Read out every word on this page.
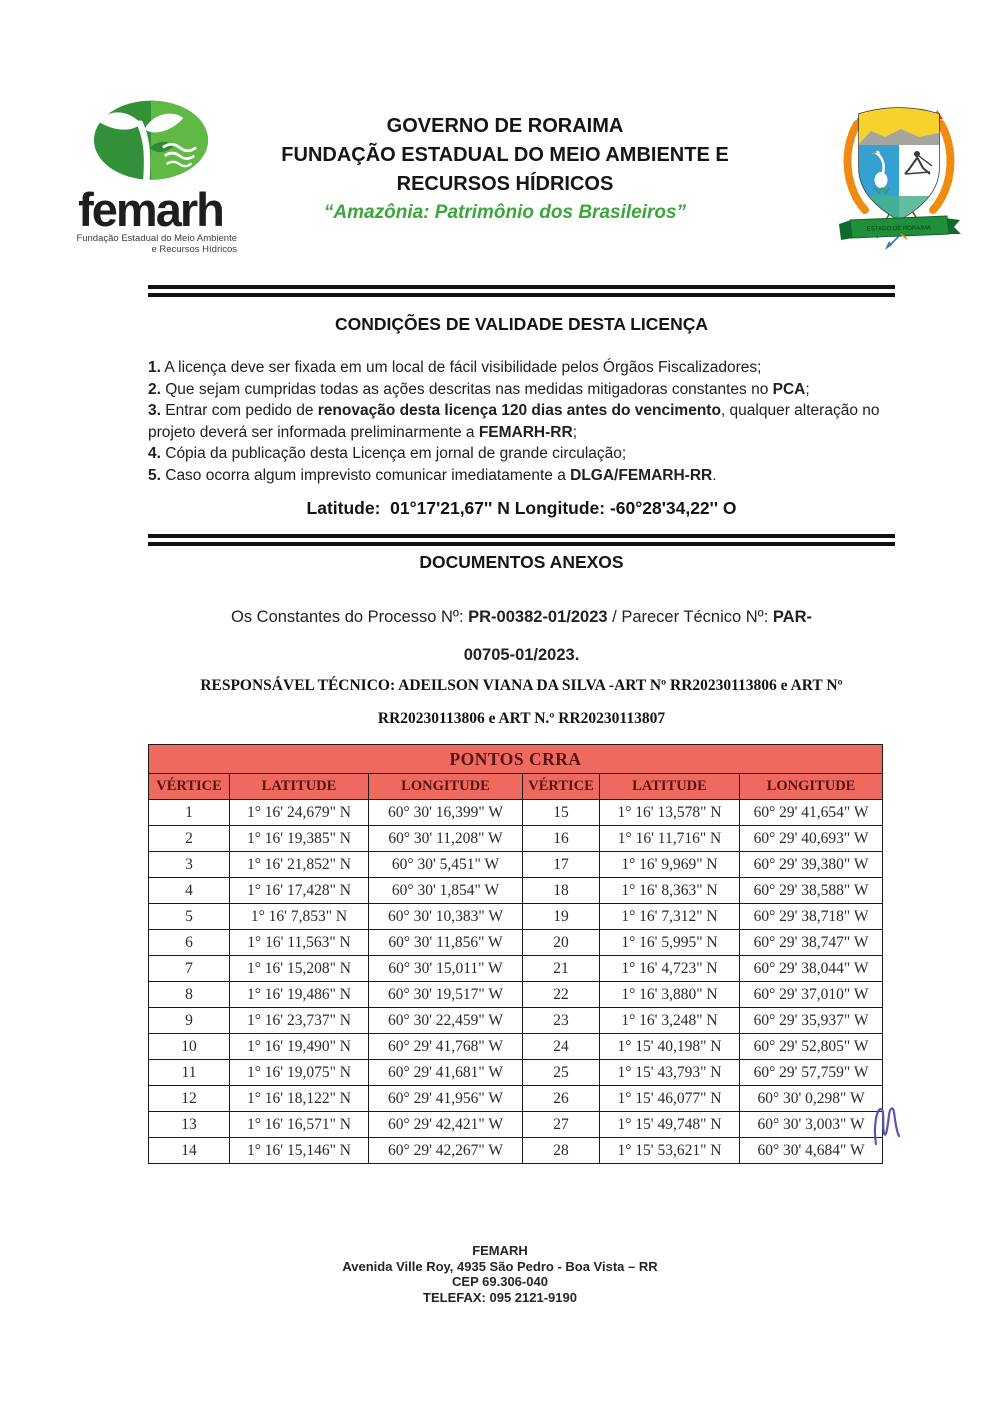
femarh
Fundação Estadual do Meio Ambiente
e Recursos Hídricos
GOVERNO DE RORAIMA
FUNDAÇÃO ESTADUAL DO MEIO AMBIENTE E
RECURSOS HÍDRICOS
“Amazônia: Patrimônio dos Brasileiros”
ESTADO DE RORAIMA
CONDIÇÕES DE VALIDADE DESTA LICENÇA

1. A licença deve ser fixada em um local de fácil visibilidade pelos Órgãos Fiscalizadores;

2. Que sejam cumpridas todas as ações descritas nas medidas mitigadoras constantes no PCA;

3. Entrar com pedido de renovação desta licença 120 dias antes do vencimento, qualquer alteração no projeto deverá ser informada preliminarmente a FEMARH-RR;

4. Cópia da publicação desta Licença em jornal de grande circulação;

5. Caso ocorra algum imprevisto comunicar imediatamente a DLGA/FEMARH-RR.

Latitude:  01°17'21,67'' N Longitude: -60°28'34,22'' O
DOCUMENTOS ANEXOS

Os Constantes do Processo Nº: PR-00382-01/2023 / Parecer Técnico Nº: PAR-

00705-01/2023.

RESPONSÁVEL TÉCNICO: ADEILSON VIANA DA SILVA -ART Nº RR20230113806 e ART Nº

RR20230113806 e ART N.º RR20230113807

PONTOS CRRA					
VÉRTICE	LATITUDE	LONGITUDE	VÉRTICE	LATITUDE	LONGITUDE
1	1° 16' 24,679" N	60° 30' 16,399" W	15	1° 16' 13,578" N	60° 29' 41,654" W
2	1° 16' 19,385" N	60° 30' 11,208" W	16	1° 16' 11,716" N	60° 29' 40,693" W
3	1° 16' 21,852" N	60° 30' 5,451" W	17	1° 16' 9,969" N	60° 29' 39,380" W
4	1° 16' 17,428" N	60° 30' 1,854" W	18	1° 16' 8,363" N	60° 29' 38,588" W
5	1° 16' 7,853" N	60° 30' 10,383" W	19	1° 16' 7,312" N	60° 29' 38,718" W
6	1° 16' 11,563" N	60° 30' 11,856" W	20	1° 16' 5,995" N	60° 29' 38,747" W
7	1° 16' 15,208" N	60° 30' 15,011" W	21	1° 16' 4,723" N	60° 29' 38,044" W
8	1° 16' 19,486" N	60° 30' 19,517" W	22	1° 16' 3,880" N	60° 29' 37,010" W
9	1° 16' 23,737" N	60° 30' 22,459" W	23	1° 16' 3,248" N	60° 29' 35,937" W
10	1° 16' 19,490" N	60° 29' 41,768" W	24	1° 15' 40,198" N	60° 29' 52,805" W
11	1° 16' 19,075" N	60° 29' 41,681" W	25	1° 15' 43,793" N	60° 29' 57,759" W
12	1° 16' 18,122" N	60° 29' 41,956" W	26	1° 15' 46,077" N	60° 30' 0,298" W
13	1° 16' 16,571" N	60° 29' 42,421" W	27	1° 15' 49,748" N	60° 30' 3,003" W
14	1° 16' 15,146" N	60° 29' 42,267" W	28	1° 15' 53,621" N	60° 30' 4,684" W
FEMARH
Avenida Ville Roy, 4935 São Pedro - Boa Vista – RR
CEP 69.306-040
TELEFAX: 095 2121-9190
